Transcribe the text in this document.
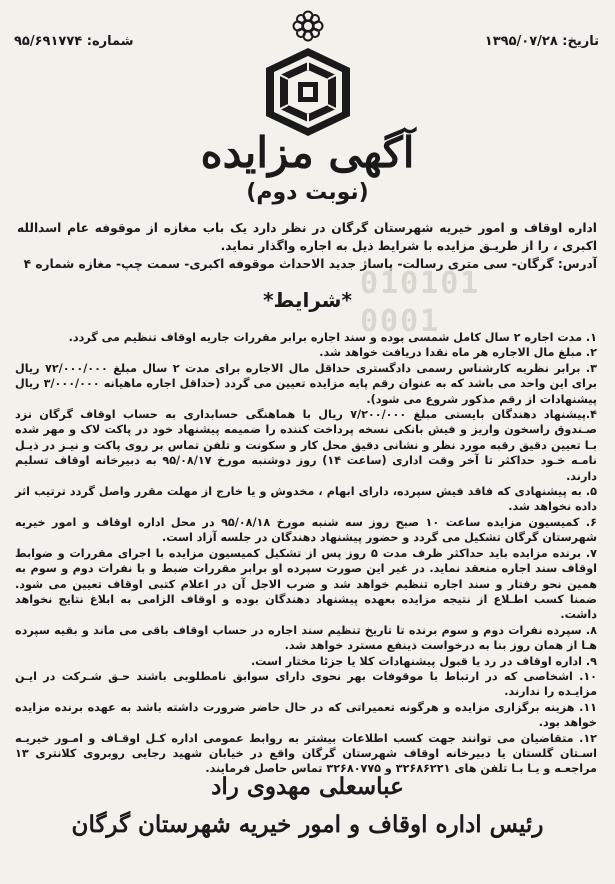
010101 0001
تاریخ: ۱۳۹۵/۰۷/۲۸
شماره: ۹۵/۶۹۱۷۷۴
آگهی مزایده
(نوبت دوم)
اداره اوقاف و امور خیریه شهرستان گرگان در نظر دارد یک باب مغازه از موقوفه عام اسدالله اکبری ، را از طریـق مزایده با شرایط ذیل به اجاره واگذار نماید.
آدرس: گرگان- سی متری رسالت- پاساژ جدید الاحداث موقوفه اکبری- سمت چپ- مغازه شماره ۴
*شرایط*

۱. مدت اجاره ۲ سال کامل شمسی بوده و سند اجاره برابر مقررات جاریه اوقاف تنظیم می گردد.

۲. مبلغ مال الاجاره هر ماه نقدا دریافت خواهد شد.

۳. برابر نظریه کارشناس رسمی دادگستری حداقل مال الاجاره برای مدت ۲ سال مبلغ ۷۲/۰۰۰/۰۰۰ ریال برای این واحد می باشد که به عنوان رقم پایه مزایده تعیین می گردد (حداقل اجاره ماهیانه ۳/۰۰۰/۰۰۰ ریال پیشنهادات از رقم مذکور شروع می شود).

۴.پیشنهاد دهندگان بایستی مبلغ ۷/۲۰۰/۰۰۰ ریال با هماهنگی حسابداری به حساب اوقاف گرگان نزد صـندوق راسخون واریز و فیش بانکی نسخه پرداخت کننده را ضمیمه پیشنهاد خود در پاکت لاک و مهر شده بـا تعیین دقیق رقبه مورد نظر و نشانی دقیق محل کار و سکونت و تلفن تماس بر روی پاکت و نیـز در ذیـل نامـه خـود حداکثر تا آخر وقت اداری (ساعت ۱۴) روز دوشنبه مورخ ۹۵/۰۸/۱۷ به دبیرخانه اوقاف تسلیم دارند.

۵. به پیشنهادی که فاقد فیش سپرده، دارای ابهام ، مخدوش و یا خارج از مهلت مقرر واصل گردد ترتیب اثر داده نخواهد شد.

۶. کمیسیون مزایده ساعت ۱۰ صبح روز سه شنبه مورخ ۹۵/۰۸/۱۸ در محل اداره اوقاف و امور خیریه شهرستان گرگان تشکیل می گردد و حضور پیشنهاد دهندگان در جلسه آزاد است.

۷. برنده مزایده باید حداکثر ظرف مدت ۵ روز پس از تشکیل کمیسیون مزایده با اجرای مقررات و ضوابط اوقاف سند اجاره منعقد نماید. در غیر این صورت سپرده او برابر مقررات ضبط و با نفرات دوم و سوم به همین نحو رفتار و سند اجاره تنظیم خواهد شد و ضرب الاجل آن در اعلام کتبی اوقاف تعیین می شود. ضمنا کسب اطـلاع از نتیجه مزایده بعهده پیشنهاد دهندگان بوده و اوقاف الزامی به ابلاغ نتایج نخواهد داشت.

۸. سپرده نفرات دوم و سوم برنده تا تاریخ تنظیم سند اجاره در حساب اوقاف باقی می ماند و بقیه سپرده هـا از همان روز بنا به درخواست ذینفع مسترد خواهد شد.

۹. اداره اوقاف در رد یا قبول پیشنهادات کلا یا جزئا مختار است.

۱۰. اشخاصی که در ارتباط با موقوفات بهر نحوی دارای سوابق نامطلوبی باشند حـق شـرکت در ایـن مزایـده را ندارند.

۱۱. هزینه برگزاری مزایده و هرگونه تعمیراتی که در حال حاضر ضرورت داشته باشد به عهده برنده مزایده خواهد بود.

۱۲. متقاضیان می توانند جهت کسب اطلاعات بیشتر به روابط عمومی اداره کـل اوقـاف و امـور خیریـه اسـتان گلستان یا دبیرخانه اوقاف شهرستان گرگان واقع در خیابان شهید رجایی روبروی کلانتری ۱۳ مراجعـه و یـا بـا تلفن های ۳۲۶۸۶۲۲۱ و ۳۲۶۸۰۷۷۵ تماس حاصل فرمایند.

عباسعلی مهدوی راد
رئیس اداره اوقاف و امور خیریه شهرستان گرگان
